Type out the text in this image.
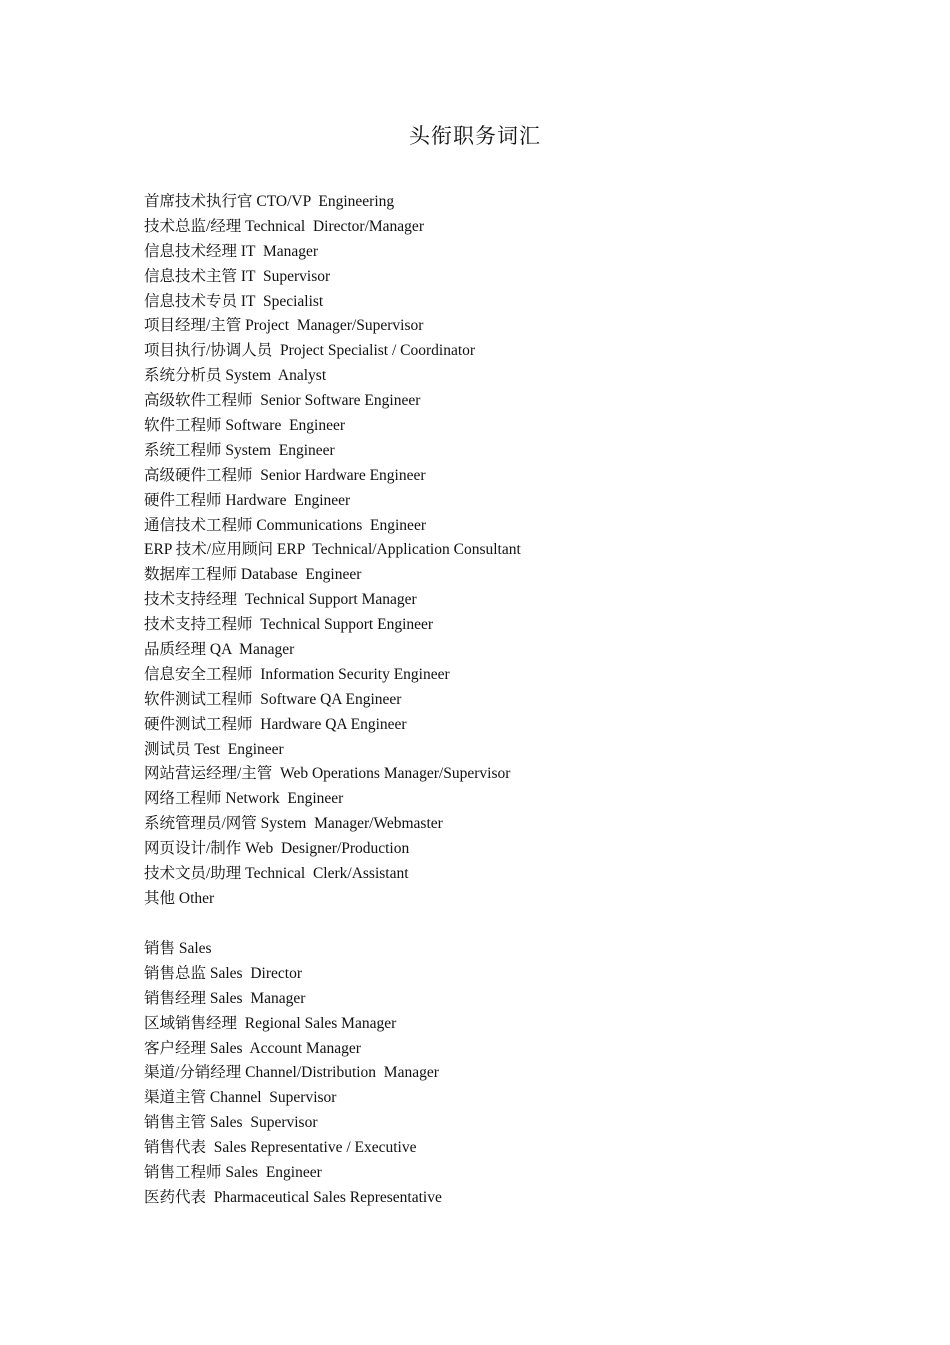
头衔职务词汇
首席技术执行官 CTO/VP  Engineering
技术总监/经理 Technical  Director/Manager
信息技术经理 IT  Manager
信息技术主管 IT  Supervisor
信息技术专员 IT  Specialist
项目经理/主管 Project  Manager/Supervisor
项目执行/协调人员  Project Specialist / Coordinator
系统分析员 System  Analyst
高级软件工程师  Senior Software Engineer
软件工程师 Software  Engineer
系统工程师 System  Engineer
高级硬件工程师  Senior Hardware Engineer
硬件工程师 Hardware  Engineer
通信技术工程师 Communications  Engineer
ERP 技术/应用顾问 ERP  Technical/Application Consultant
数据库工程师 Database  Engineer
技术支持经理  Technical Support Manager
技术支持工程师  Technical Support Engineer
品质经理 QA  Manager
信息安全工程师  Information Security Engineer
软件测试工程师  Software QA Engineer
硬件测试工程师  Hardware QA Engineer
测试员 Test  Engineer
网站营运经理/主管  Web Operations Manager/Supervisor
网络工程师 Network  Engineer
系统管理员/网管 System  Manager/Webmaster
网页设计/制作 Web  Designer/Production
技术文员/助理 Technical  Clerk/Assistant
其他 Other
销售 Sales
销售总监 Sales  Director
销售经理 Sales  Manager
区域销售经理  Regional Sales Manager
客户经理 Sales  Account Manager
渠道/分销经理 Channel/Distribution  Manager
渠道主管 Channel  Supervisor
销售主管 Sales  Supervisor
销售代表  Sales Representative / Executive
销售工程师 Sales  Engineer
医药代表  Pharmaceutical Sales Representative
